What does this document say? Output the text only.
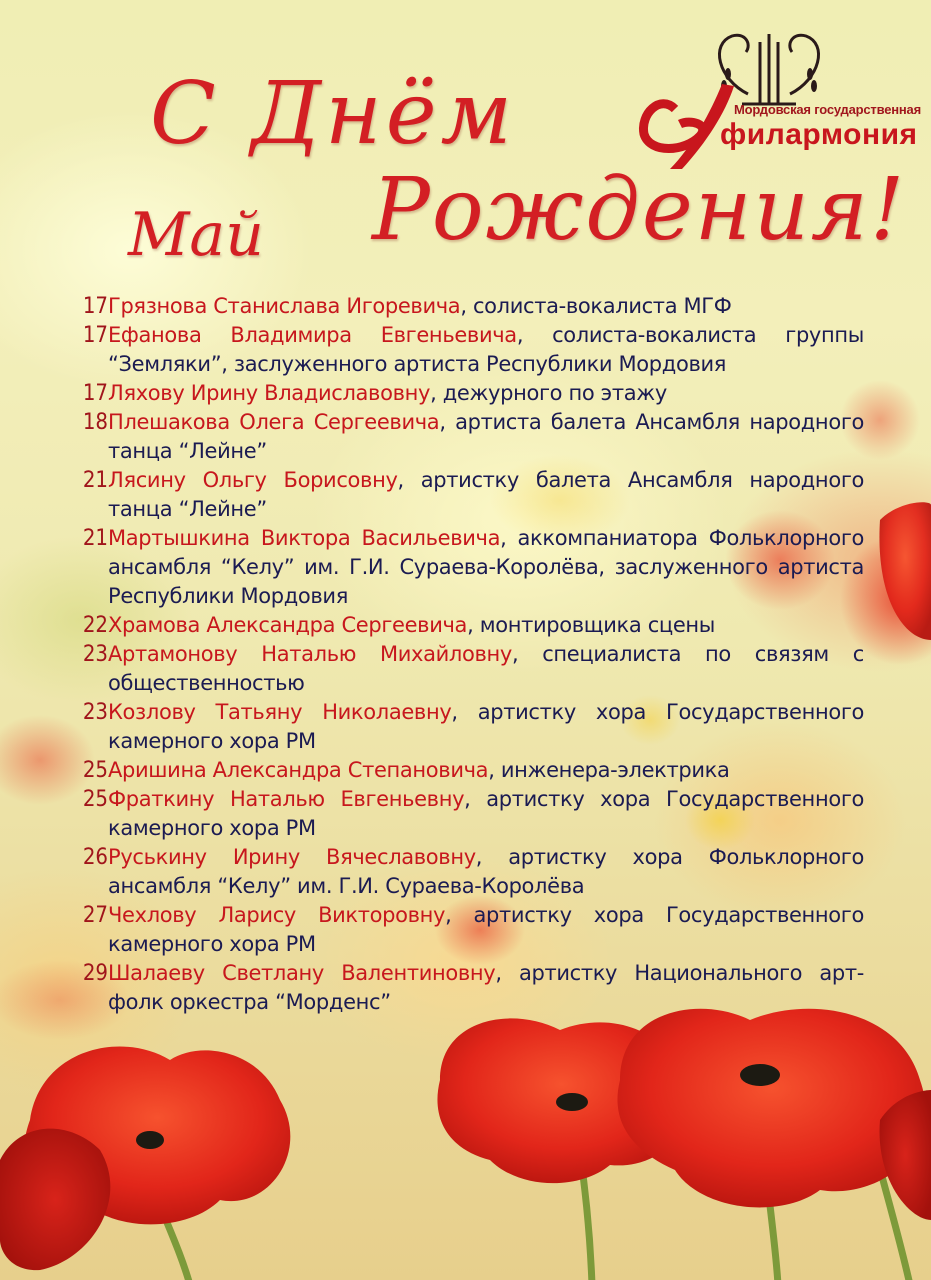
С Днём
Рождения!
Май
Мордовская государственная
филармония
17 Грязнова Станислава Игоревича, солиста-вокалиста МГФ

17 Ефанова Владимира Евгеньевича, солиста-вокалиста группы “Земляки”, заслуженного артиста Республики Мордовия

17 Ляхову Ирину Владиславовну, дежурного по этажу

18 Плешакова Олега Сергеевича, артиста балета Ансамбля народного танца “Лейне”

21 Лясину Ольгу Борисовну, артистку балета Ансамбля народного танца “Лейне”

21 Мартышкина Виктора Васильевича, аккомпаниатора Фольклорного ансамбля “Келу” им. Г.И. Сураева-Королёва, заслуженного артиста Республики Мордовия

22 Храмова Александра Сергеевича, монтировщика сцены

23 Артамонову Наталью Михайловну, специалиста по связям с общественностью

23 Козлову Татьяну Николаевну, артистку хора Государственного камерного хора РМ

25 Аришина Александра Степановича, инженера-электрика

25 Фраткину Наталью Евгеньевну, артистку хора Государственного камерного хора РМ

26 Руськину Ирину Вячеславовну, артистку хора Фольклорного ансамбля “Келу” им. Г.И. Сураева-Королёва

27 Чехлову Ларису Викторовну, артистку хора Государственного камерного хора РМ

29 Шалаеву Светлану Валентиновну, артистку Национального арт-фолк оркестра “Морденс”
